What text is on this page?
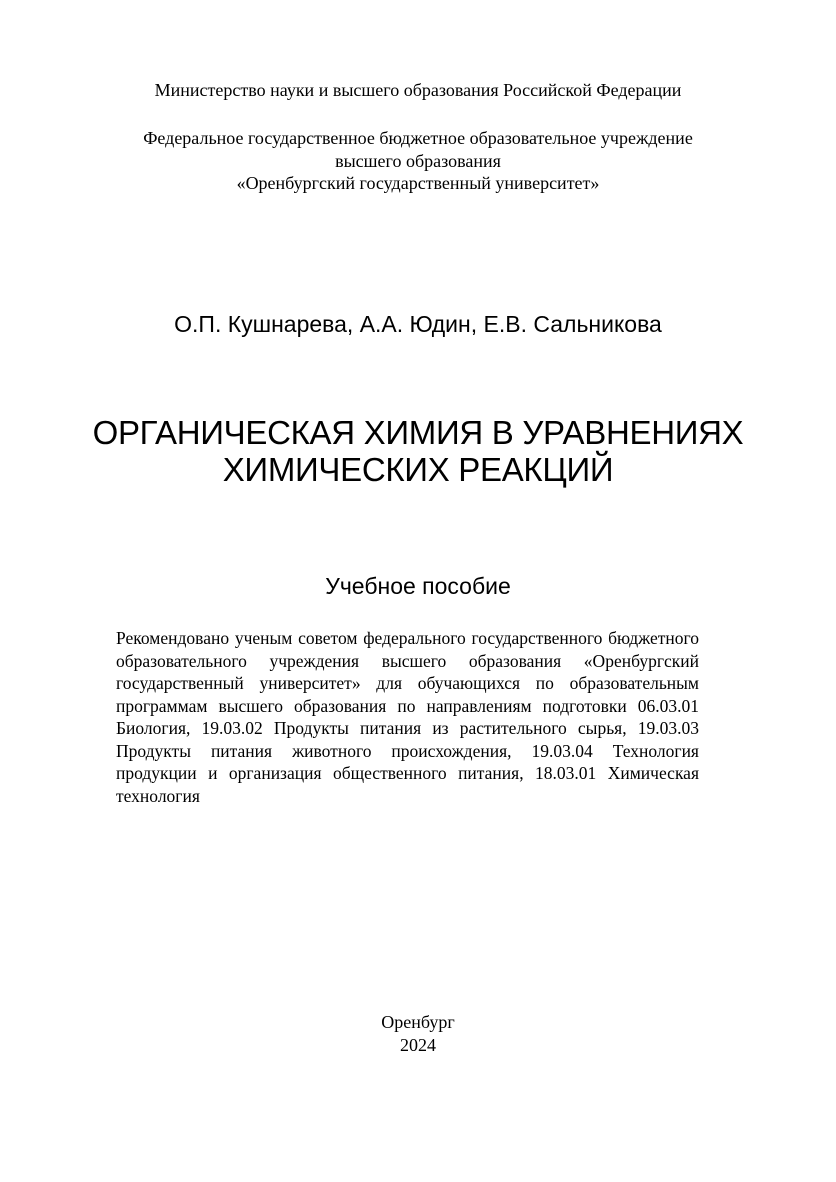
Министерство науки и высшего образования Российской Федерации
Федеральное государственное бюджетное образовательное учреждение
высшего образования
«Оренбургский государственный университет»
О.П. Кушнарева, А.А. Юдин, Е.В. Сальникова
ОРГАНИЧЕСКАЯ ХИМИЯ В УРАВНЕНИЯХ
ХИМИЧЕСКИХ РЕАКЦИЙ
Учебное пособие
Рекомендовано ученым советом федерального государственного бюджетного образовательного учреждения высшего образования «Оренбургский государственный университет» для обучающихся по образовательным программам высшего образования по направлениям подготовки 06.03.01 Биология, 19.03.02 Продукты питания из растительного сырья, 19.03.03 Продукты питания животного происхождения, 19.03.04 Технология продукции и организация общественного питания, 18.03.01 Химическая технология
Оренбург
2024
